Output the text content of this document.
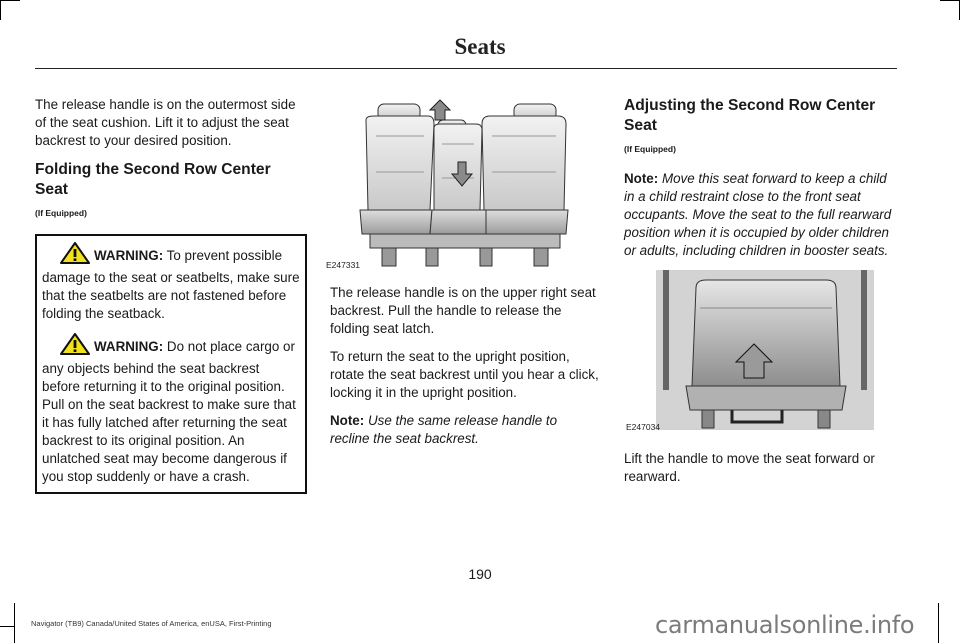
Seats

The release handle is on the outermost side of the seat cushion. Lift it to adjust the seat backrest to your desired position.

Folding the Second Row Center Seat
(If Equipped)

WARNING: To prevent possible damage to the seat or seatbelts, make sure that the seatbelts are not fastened before folding the seatback.

WARNING: Do not place cargo or any objects behind the seat backrest before returning it to the original position. Pull on the seat backrest to make sure that it has fully latched after returning the seat backrest to its original position. An unlatched seat may become dangerous if you stop suddenly or have a crash.

E247331

The release handle is on the upper right seat backrest. Pull the handle to release the folding seat latch.

To return the seat to the upright position, rotate the seat backrest until you hear a click, locking it in the upright position.

Note: Use the same release handle to recline the seat backrest.

Adjusting the Second Row Center Seat
(If Equipped)

Note: Move this seat forward to keep a child in a child restraint close to the front seat occupants. Move the seat to the full rearward position when it is occupied by older children or adults, including children in booster seats.

E247034

Lift the handle to move the seat forward or rearward.

190
Navigator (TB9) Canada/United States of America, enUSA, First-Printing	carmanualsonline.info
